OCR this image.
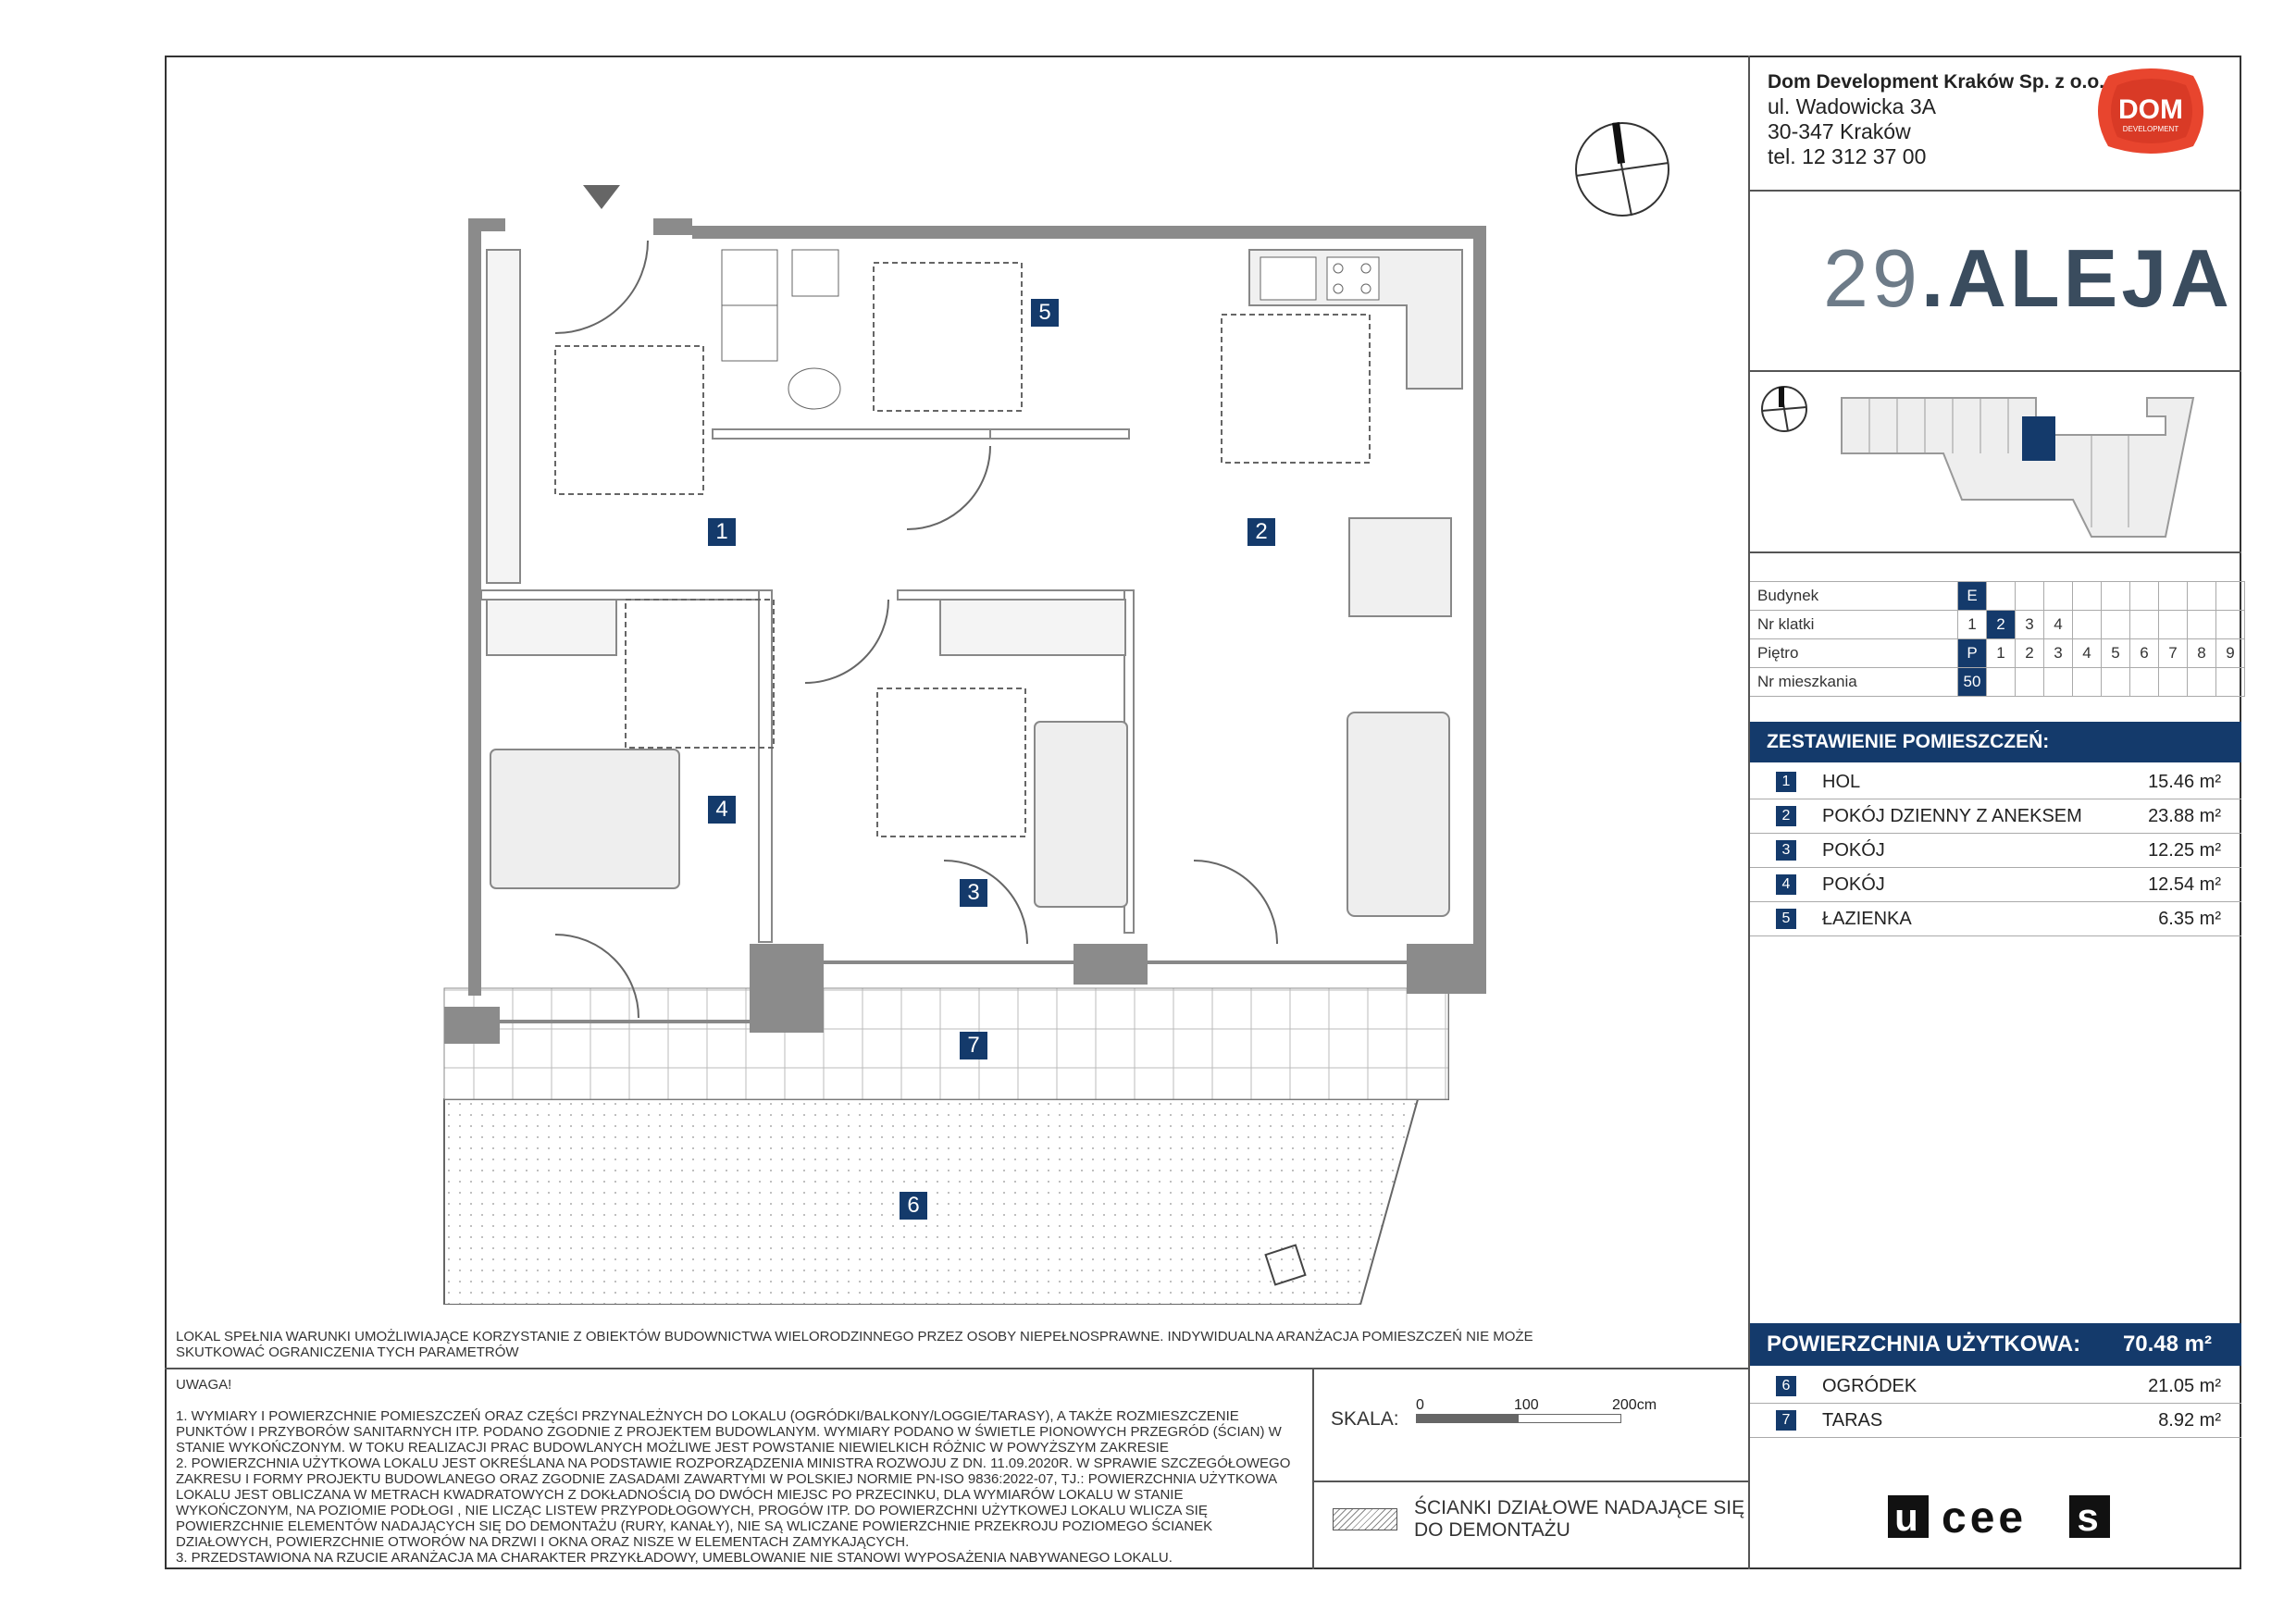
Dom Development Kraków Sp. z o.o.
ul. Wadowicka 3A
30-347 Kraków
tel. 12 312 37 00
DOM
DEVELOPMENT
29.ALEJA
Budynek	E									
Nr klatki	1	2	3	4						
Piętro	P	1	2	3	4	5	6	7	8	9
Nr mieszkania	50									
ZESTAWIENIE POMIESZCZEŃ:
1	HOL	15.46 m²
2	POKÓJ DZIENNY Z ANEKSEM	23.88 m²
3	POKÓJ	12.25 m²
4	POKÓJ	12.54 m²
5	ŁAZIENKA	6.35 m²
POWIERZCHNIA UŻYTKOWA: 70.48 m²
6	OGRÓDEK	21.05 m²
7	TARAS	8.92 m²
u cee s
LOKAL SPEŁNIA WARUNKI UMOŻLIWIAJĄCE KORZYSTANIE Z OBIEKTÓW BUDOWNICTWA WIELORODZINNEGO PRZEZ OSOBY NIEPEŁNOSPRAWNE. INDYWIDUALNA ARANŻACJA POMIESZCZEŃ NIE MOŻE SKUTKOWAĆ OGRANICZENIA TYCH PARAMETRÓW
UWAGA!
1. WYMIARY I POWIERZCHNIE POMIESZCZEŃ ORAZ CZĘŚCI PRZYNALEŻNYCH DO LOKALU (OGRÓDKI/BALKONY/LOGGIE/TARASY), A TAKŻE ROZMIESZCZENIE PUNKTÓW I PRZYBORÓW SANITARNYCH ITP. PODANO ZGODNIE Z PROJEKTEM BUDOWLANYM. WYMIARY PODANO W ŚWIETLE PIONOWYCH PRZEGRÓD (ŚCIAN) W STANIE WYKOŃCZONYM. W TOKU REALIZACJI PRAC BUDOWLANYCH MOŻLIWE JEST POWSTANIE NIEWIELKICH RÓŻNIC W POWYŻSZYM ZAKRESIE
2. POWIERZCHNIA UŻYTKOWA LOKALU JEST OKREŚLANA NA PODSTAWIE ROZPORZĄDZENIA MINISTRA ROZWOJU Z DN. 11.09.2020R. W SPRAWIE SZCZEGÓŁOWEGO ZAKRESU I FORMY PROJEKTU BUDOWLANEGO ORAZ ZGODNIE ZASADAMI ZAWARTYMI W POLSKIEJ NORMIE PN-ISO 9836:2022-07, TJ.: POWIERZCHNIA UŻYTKOWA LOKALU JEST OBLICZANA W METRACH KWADRATOWYCH Z DOKŁADNOŚCIĄ DO DWÓCH MIEJSC PO PRZECINKU, DLA WYMIARÓW LOKALU W STANIE WYKOŃCZONYM, NA POZIOMIE PODŁOGI , NIE LICZĄC LISTEW PRZYPODŁOGOWYCH, PROGÓW ITP. DO POWIERZCHNI UŻYTKOWEJ LOKALU WLICZA SIĘ POWIERZCHNIE ELEMENTÓW NADAJĄCYCH SIĘ DO DEMONTAŻU (RURY, KANAŁY), NIE SĄ WLICZANE POWIERZCHNIE PRZEKROJU POZIOMEGO ŚCIANEK DZIAŁOWYCH, POWIERZCHNIE OTWORÓW NA DRZWI I OKNA ORAZ NISZE W ELEMENTACH ZAMYKAJĄCYCH.
3. PRZEDSTAWIONA NA RZUCIE ARANŻACJA MA CHARAKTER PRZYKŁADOWY, UMEBLOWANIE NIE STANOWI WYPOSAŻENIA NABYWANEGO LOKALU.
SKALA:
0	100	200cm
ŚCIANKI DZIAŁOWE NADAJĄCE SIĘ
DO DEMONTAŻU
1	2
3
4
5
6
7
